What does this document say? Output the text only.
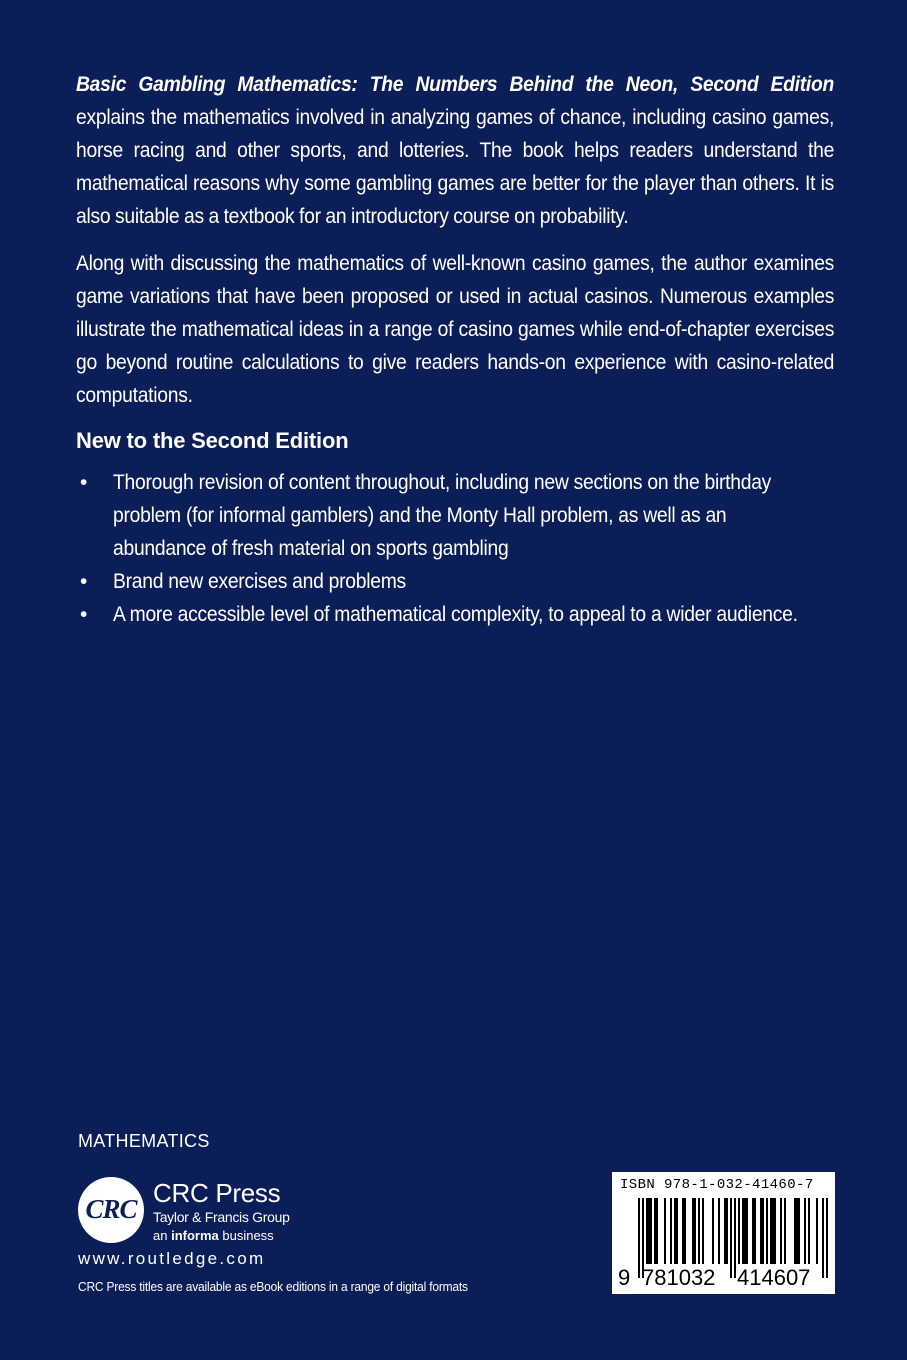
Basic Gambling Mathematics: The Numbers Behind the Neon, Second Edition explains the mathematics involved in analyzing games of chance, including casino games, horse racing and other sports, and lotteries. The book helps readers understand the mathematical reasons why some gambling games are better for the player than others. It is also suitable as a textbook for an introductory course on probability.

Along with discussing the mathematics of well-known casino games, the author examines game variations that have been proposed or used in actual casinos. Numerous examples illustrate the mathematical ideas in a range of casino games while end-of-chapter exercises go beyond routine calculations to give readers hands-on experience with casino-related computations.

New to the Second Edition
• Thorough revision of content throughout, including new sections on the birthday problem (for informal gamblers) and the Monty Hall problem, as well as an abundance of fresh material on sports gambling
• Brand new exercises and problems
• A more accessible level of mathematical complexity, to appeal to a wider audience.
MATHEMATICS
CRC
CRC Press
Taylor & Francis Group
an informa business
www.routledge.com
CRC Press titles are available as eBook editions in a range of digital formats
ISBN 978-1-032-41460-7
9 781032 414607
